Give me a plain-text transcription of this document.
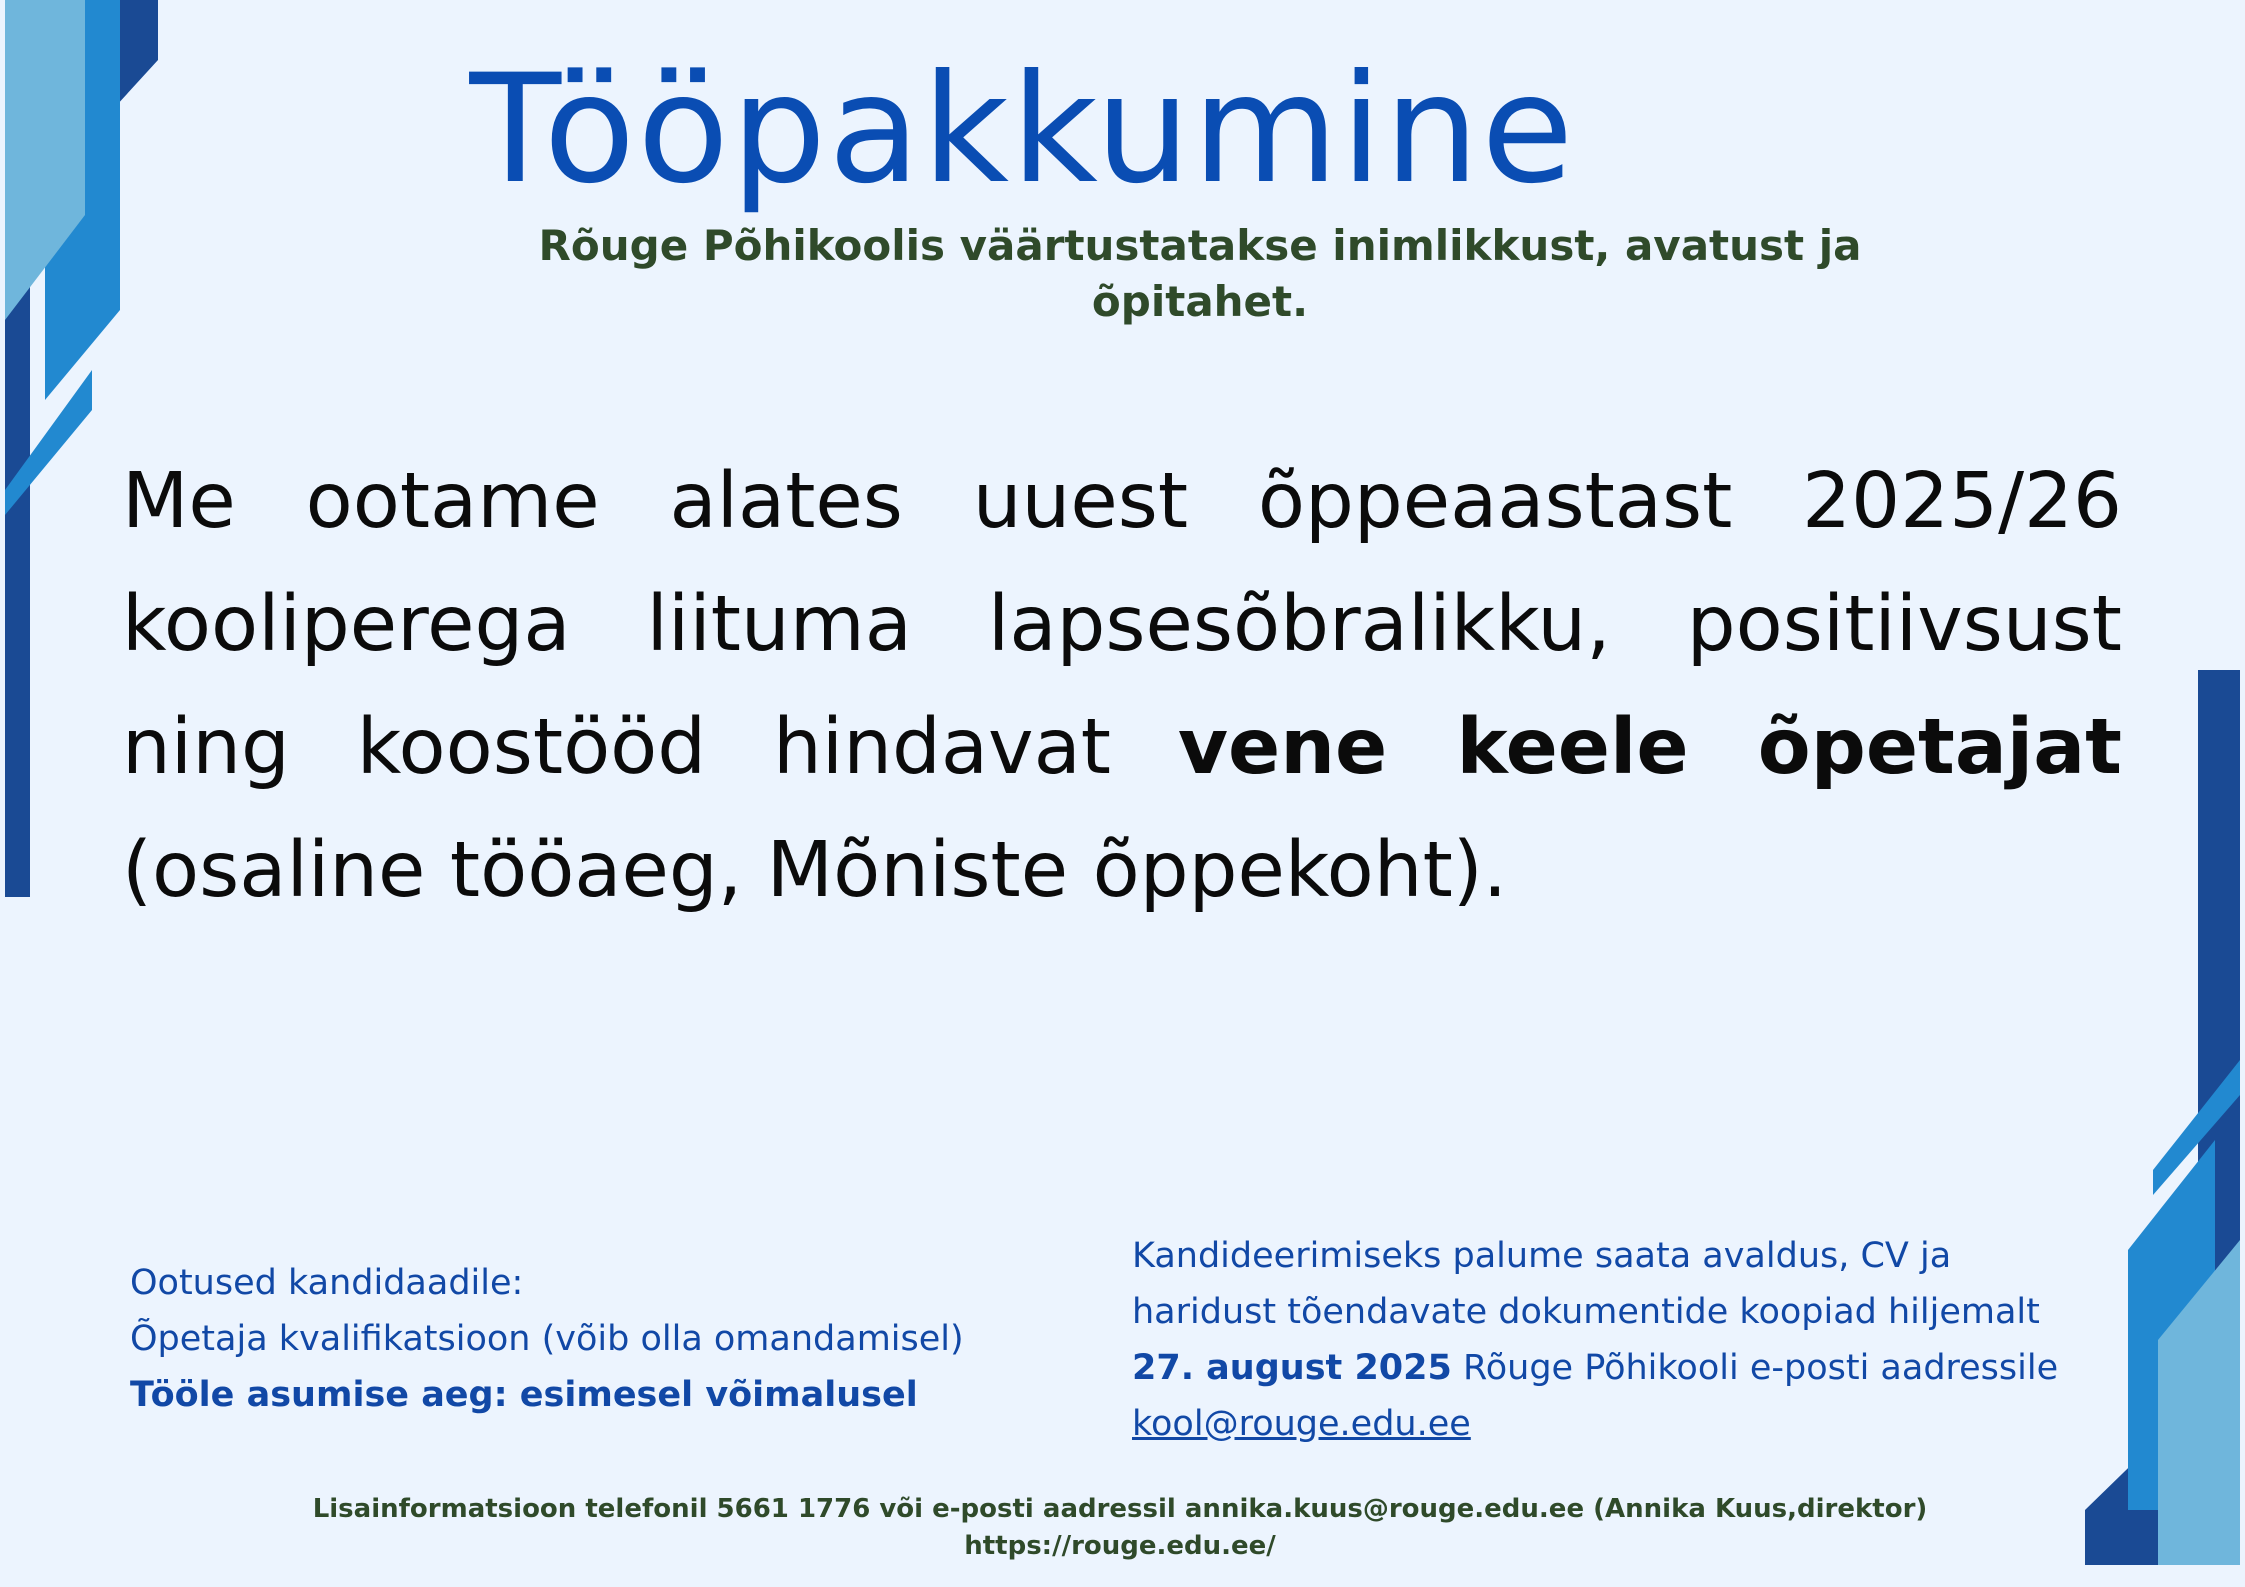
Tööpakkumine
Rõuge Põhikoolis väärtustatakse inimlikkust, avatust ja õpitahet.
Me ootame alates uuest õppeaastast 2025/26 kooliperega liituma lapsesõbralikku, positiivsust ning koostööd hindavat vene keele õpetajat (osaline tööaeg, Mõniste õppekoht).
Ootused kandidaadile:
Õpetaja kvalifikatsioon (võib olla omandamisel)
Tööle asumise aeg: esimesel võimalusel
Kandideerimiseks palume saata avaldus, CV ja
haridust tõendavate dokumentide koopiad hiljemalt
27. august 2025 Rõuge Põhikooli e-posti aadressile
kool@rouge.edu.ee
Lisainformatsioon telefonil 5661 1776 või e-posti aadressil annika.kuus@rouge.edu.ee (Annika Kuus,direktor)
https://rouge.edu.ee/
